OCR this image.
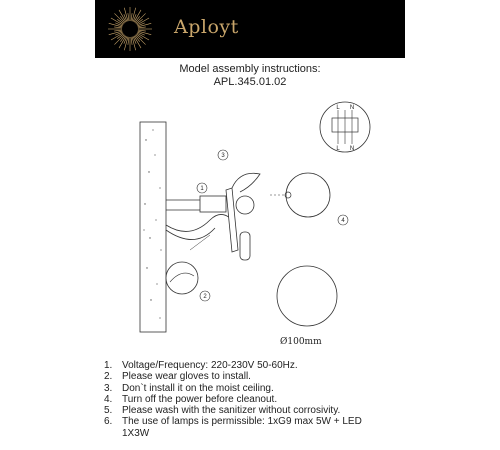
Aployt
Model assembly instructions:
APL.345.01.02
1
2
3
4
L N
L N
Ø100mm
1. Voltage/Frequency: 220-230V 50-60Hz.
2. Please wear gloves to install.
3. Don`t install it on the moist ceiling.
4. Turn off the power before cleanout.
5. Please wash with the sanitizer without corrosivity.
6. The use of lamps is permissible: 1xG9 max 5W + LED
1X3W
